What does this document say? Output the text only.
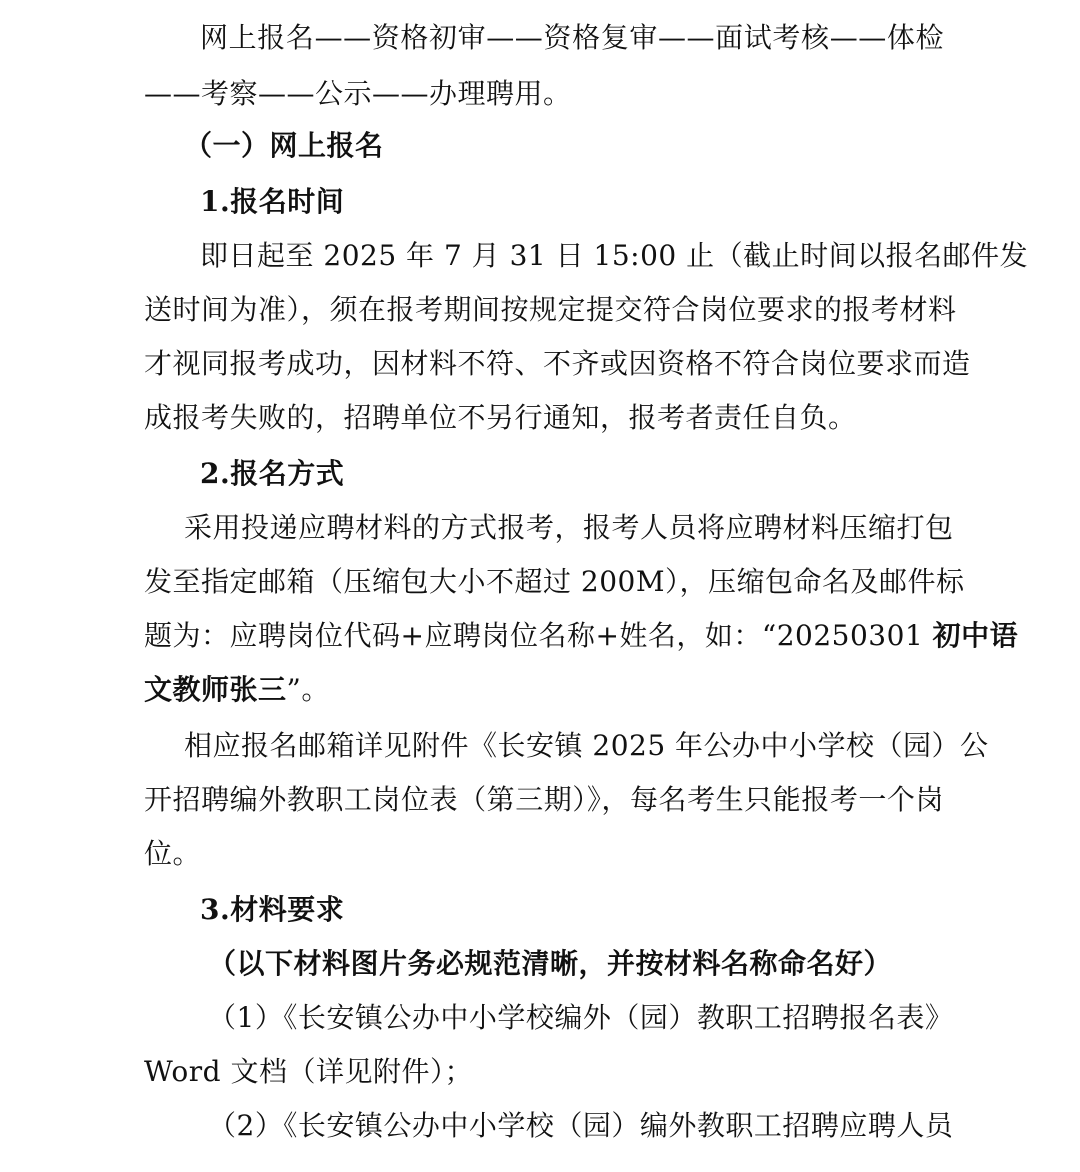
网上报名——资格初审——资格复审——面试考核——体检
——考察——公示——办理聘用。
（一）网上报名
1.报名时间
即日起至 2025 年 7 月 31 日 15:00 止（截止时间以报名邮件发
送时间为准），须在报考期间按规定提交符合岗位要求的报考材料
才视同报考成功，因材料不符、不齐或因资格不符合岗位要求而造
成报考失败的，招聘单位不另行通知，报考者责任自负。
2.报名方式
采用投递应聘材料的方式报考，报考人员将应聘材料压缩打包
发至指定邮箱（压缩包大小不超过 200M），压缩包命名及邮件标
题为：应聘岗位代码+应聘岗位名称+姓名，如：“20250301 初中语
文教师张三”。
相应报名邮箱详见附件《长安镇 2025 年公办中小学校（园）公
开招聘编外教职工岗位表（第三期）》，每名考生只能报考一个岗
位。
3.材料要求
（以下材料图片务必规范清晰，并按材料名称命名好）
（1）《长安镇公办中小学校编外（园）教职工招聘报名表》
Word 文档（详见附件）；
（2）《长安镇公办中小学校（园）编外教职工招聘应聘人员
